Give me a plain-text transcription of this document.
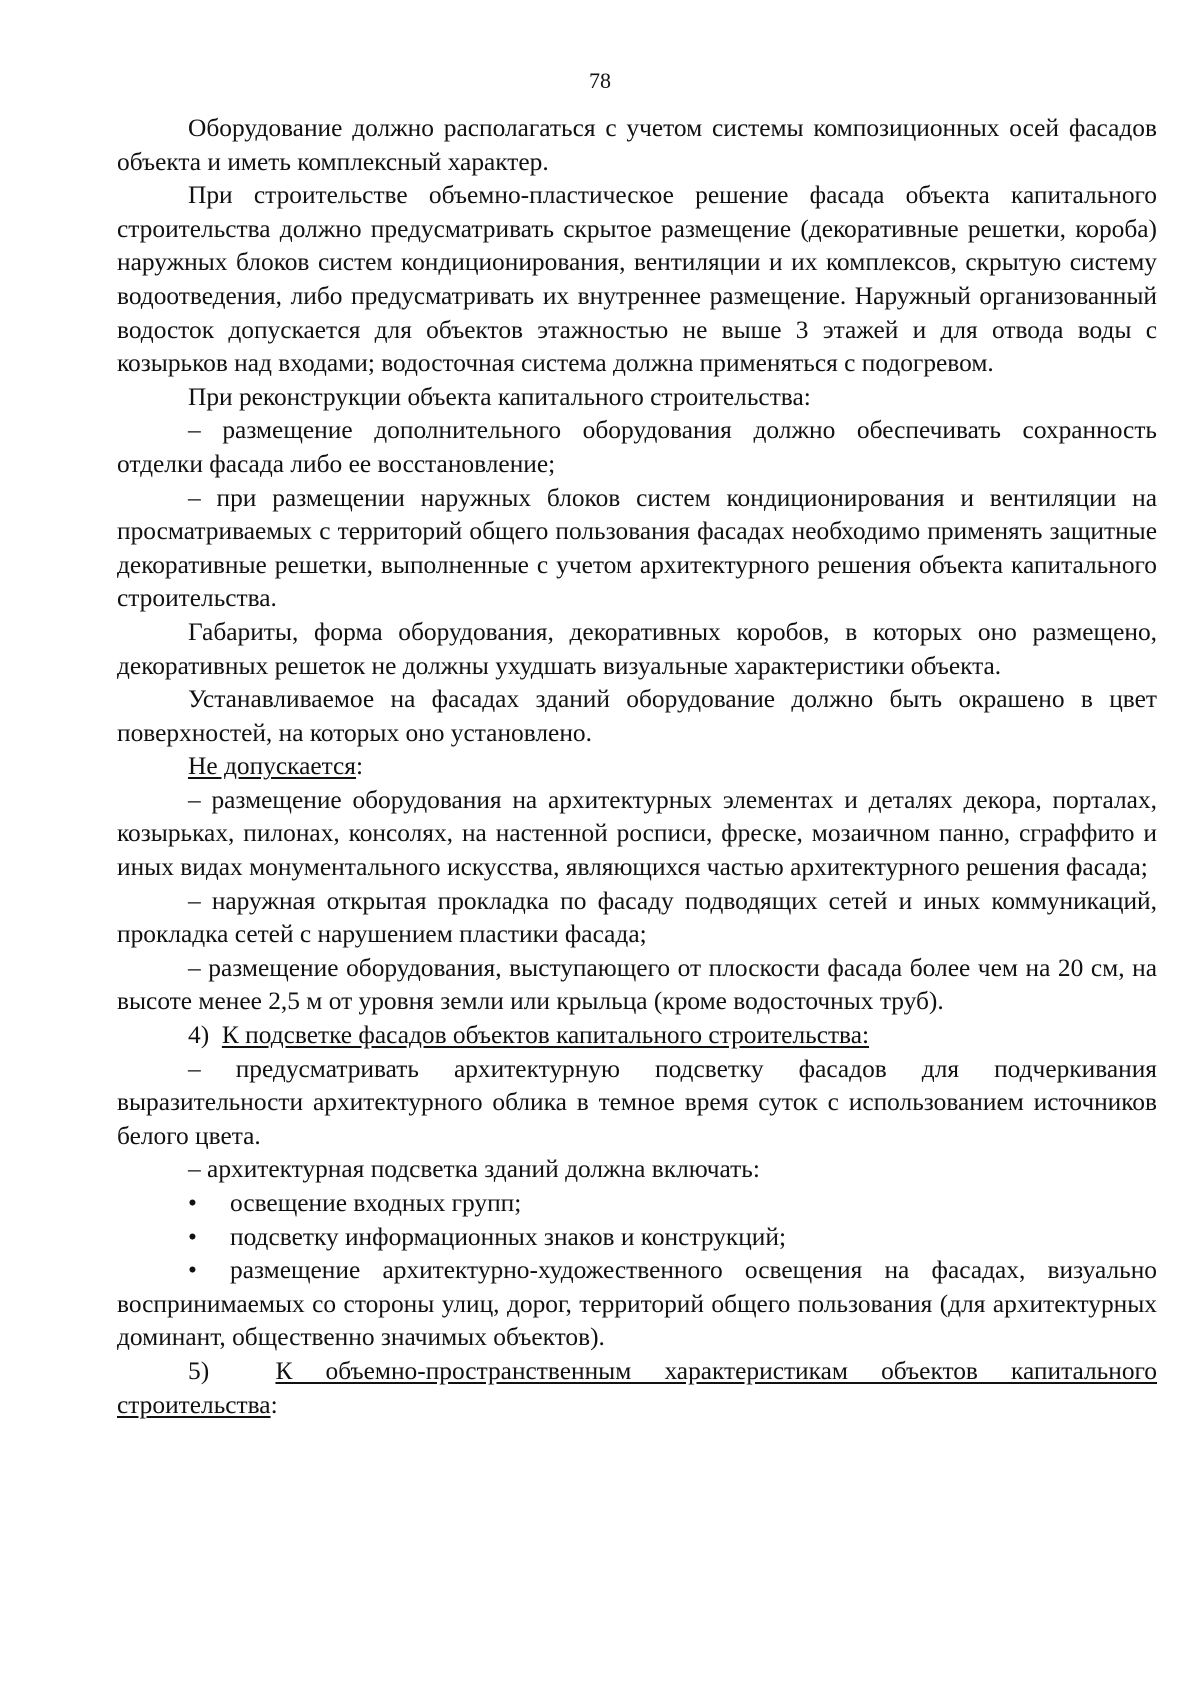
78

Оборудование должно располагаться с учетом системы композиционных осей фасадов объекта и иметь комплексный характер.

При строительстве объемно-пластическое решение фасада объекта капитального строительства должно предусматривать скрытое размещение (декоративные решетки, короба) наружных блоков систем кондиционирования, вентиляции и их комплексов, скрытую систему водоотведения, либо предусматривать их внутреннее размещение. Наружный организованный водосток допускается для объектов этажностью не выше 3 этажей и для отвода воды с козырьков над входами; водосточная система должна применяться с подогревом.

При реконструкции объекта капитального строительства:

– размещение дополнительного оборудования должно обеспечивать сохранность отделки фасада либо ее восстановление;

– при размещении наружных блоков систем кондиционирования и вентиляции на просматриваемых с территорий общего пользования фасадах необходимо применять защитные декоративные решетки, выполненные с учетом архитектурного решения объекта капитального строительства.

Габариты, форма оборудования, декоративных коробов, в которых оно размещено, декоративных решеток не должны ухудшать визуальные характеристики объекта.

Устанавливаемое на фасадах зданий оборудование должно быть окрашено в цвет поверхностей, на которых оно установлено.

Не допускается:

– размещение оборудования на архитектурных элементах и деталях декора, порталах, козырьках, пилонах, консолях, на настенной росписи, фреске, мозаичном панно, сграффито и иных видах монументального искусства, являющихся частью архитектурного решения фасада;

– наружная открытая прокладка по фасаду подводящих сетей и иных коммуникаций, прокладка сетей с нарушением пластики фасада;

– размещение оборудования, выступающего от плоскости фасада более чем на 20 см, на высоте менее 2,5 м от уровня земли или крыльца (кроме водосточных труб).

4) К подсветке фасадов объектов капитального строительства:

– предусматривать архитектурную подсветку фасадов для подчеркивания выразительности архитектурного облика в темное время суток с использованием источников белого цвета.

– архитектурная подсветка зданий должна включать:

• освещение входных групп;

• подсветку информационных знаков и конструкций;

• размещение архитектурно-художественного освещения на фасадах, визуально воспринимаемых со стороны улиц, дорог, территорий общего пользования (для архитектурных доминант, общественно значимых объектов).

5)	К объемно-пространственным характеристикам объектов капитального строительства:
